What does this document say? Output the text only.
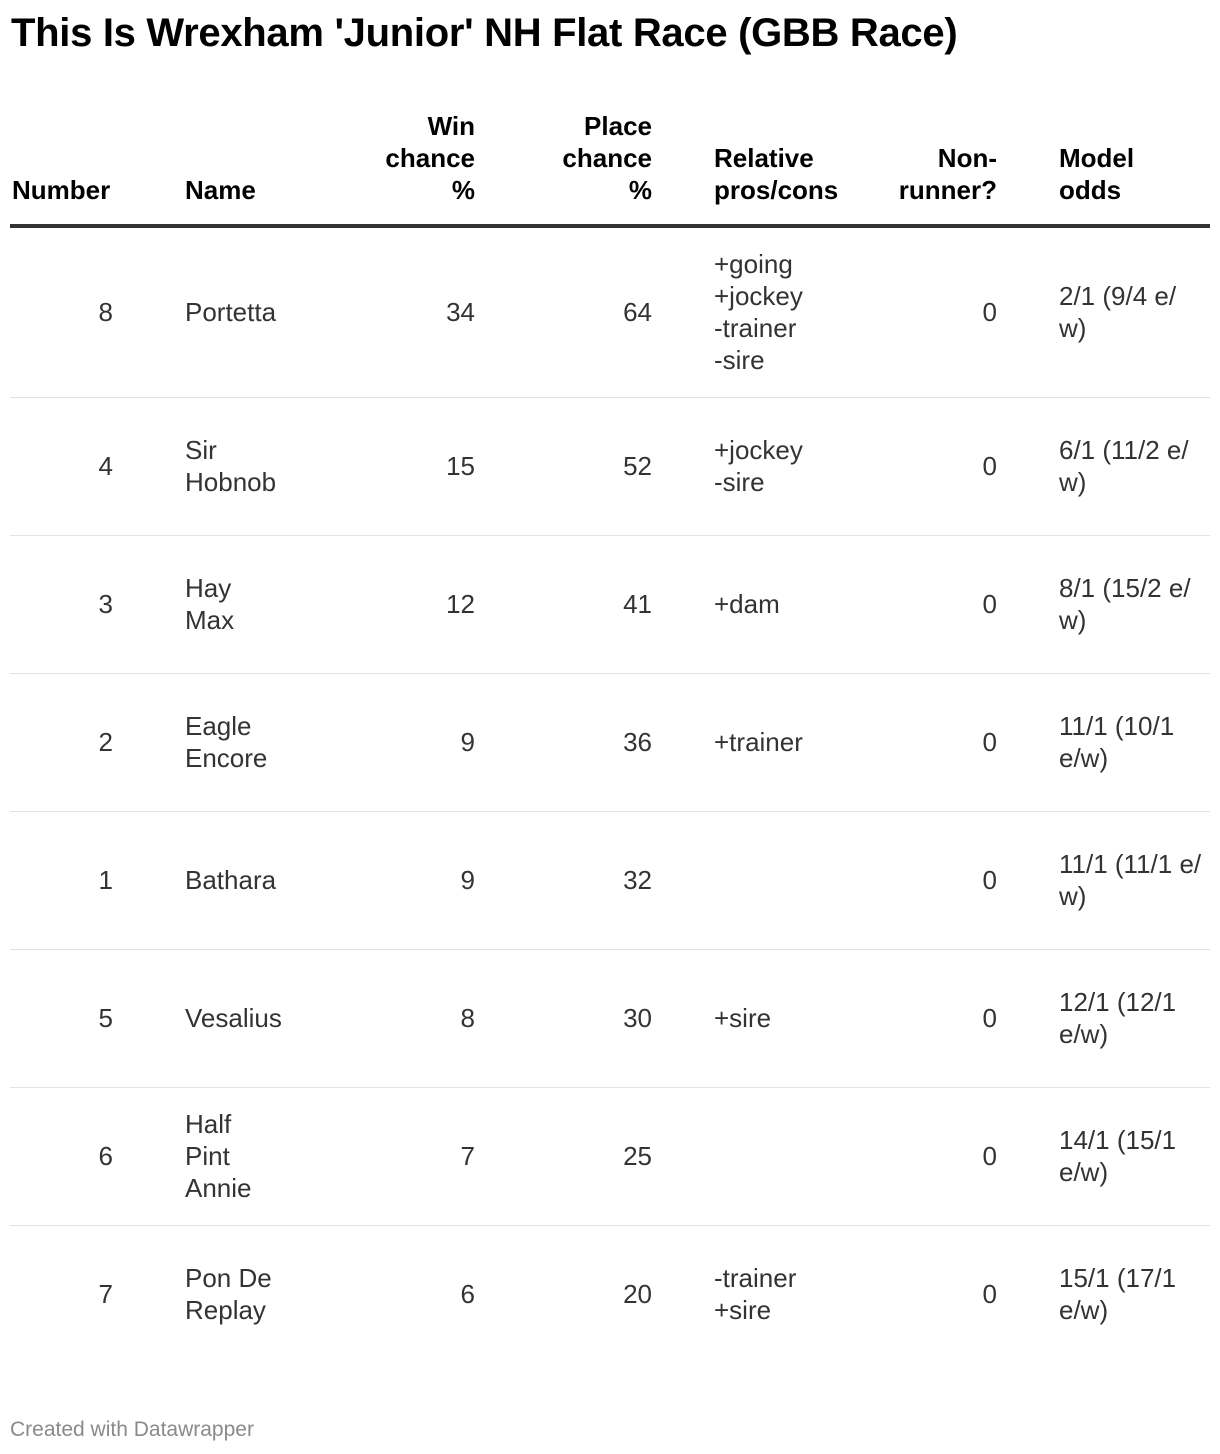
This Is Wrexham 'Junior' NH Flat Race (GBB Race)
Number	Name	Win
chance
%	Place
chance
%	Relative
pros/cons	Non-
runner?	Model
odds
8	Portetta	34	64	+going
+jockey
-trainer
-sire	0	2/1 (9/4 e/w)
4	Sir Hobnob	15	52	+jockey
-sire	0	6/1 (11/2 e/w)
3	Hay Max	12	41	+dam	0	8/1 (15/2 e/w)
2	Eagle Encore	9	36	+trainer	0	11/1 (10/1 e/w)
1	Bathara	9	32		0	11/1 (11/1 e/w)
5	Vesalius	8	30	+sire	0	12/1 (12/1 e/w)
6	Half Pint Annie	7	25		0	14/1 (15/1 e/w)
7	Pon De Replay	6	20	-trainer
+sire	0	15/1 (17/1 e/w)
Created with Datawrapper
